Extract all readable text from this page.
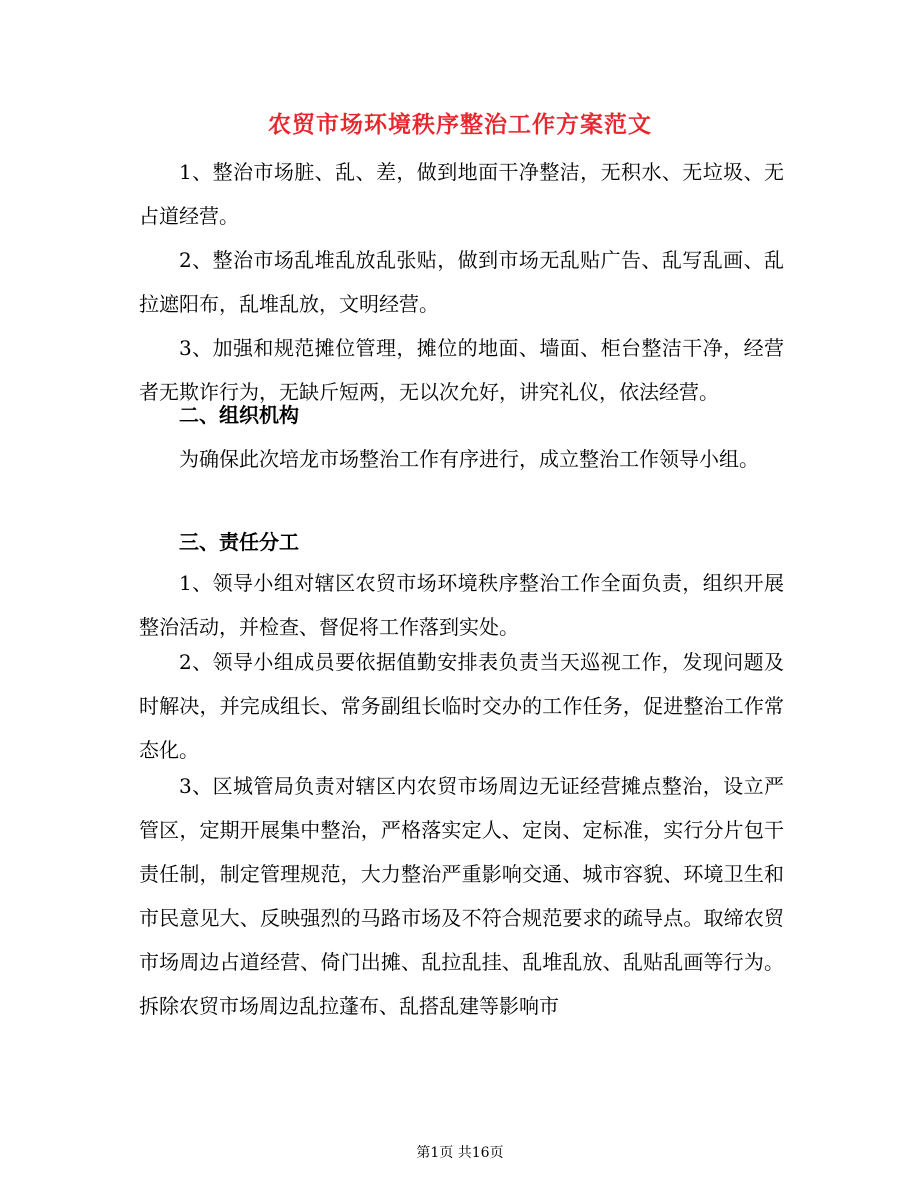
农贸市场环境秩序整治工作方案范文
1、整治市场脏、乱、差，做到地面干净整洁，无积水、无垃圾、无占道经营。
2、整治市场乱堆乱放乱张贴，做到市场无乱贴广告、乱写乱画、乱拉遮阳布，乱堆乱放，文明经营。
3、加强和规范摊位管理，摊位的地面、墙面、柜台整洁干净，经营者无欺诈行为，无缺斤短两，无以次允好，讲究礼仪，依法经营。
二、组织机构
为确保此次培龙市场整治工作有序进行，成立整治工作领导小组。
三、责任分工
1、领导小组对辖区农贸市场环境秩序整治工作全面负责，组织开展整治活动，并检查、督促将工作落到实处。
2、领导小组成员要依据值勤安排表负责当天巡视工作，发现问题及时解决，并完成组长、常务副组长临时交办的工作任务，促进整治工作常态化。
3、区城管局负责对辖区内农贸市场周边无证经营摊点整治，设立严管区，定期开展集中整治，严格落实定人、定岗、定标准，实行分片包干责任制，制定管理规范，大力整治严重影响交通、城市容貌、环境卫生和市民意见大、反映强烈的马路市场及不符合规范要求的疏导点。取缔农贸市场周边占道经营、倚门出摊、乱拉乱挂、乱堆乱放、乱贴乱画等行为。拆除农贸市场周边乱拉蓬布、乱搭乱建等影响市
第1页 共16页
